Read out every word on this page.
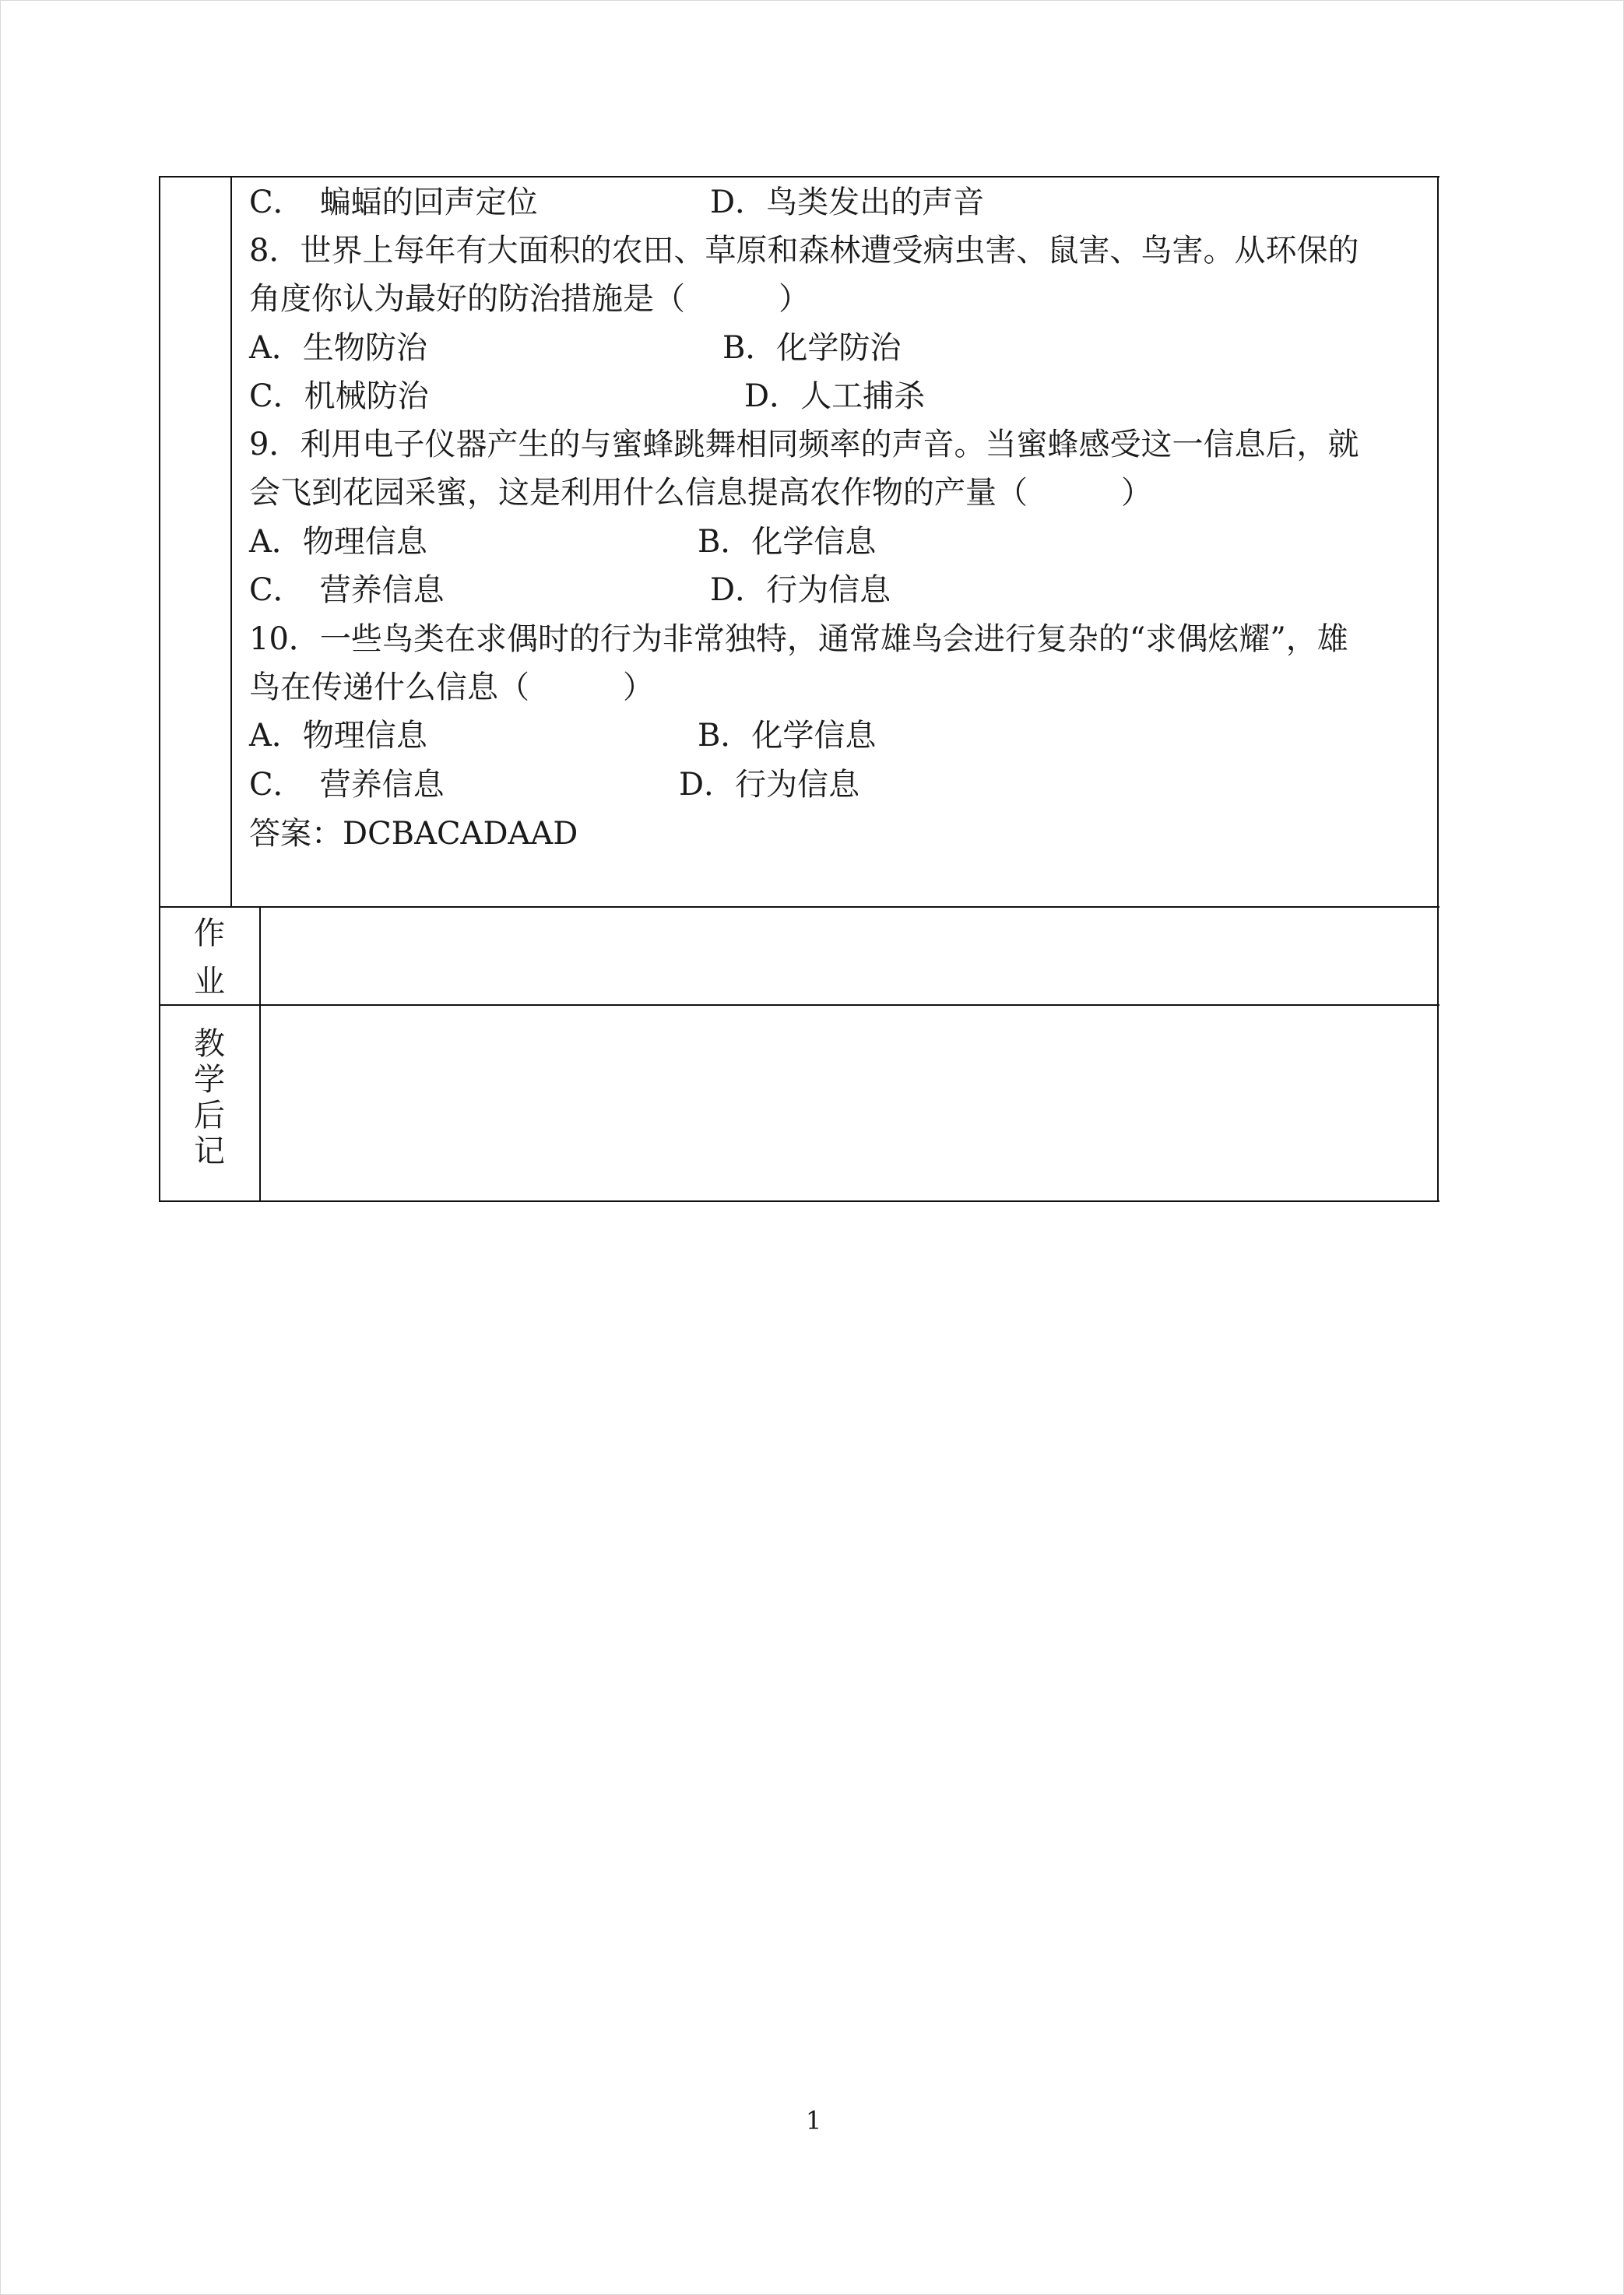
C．　蝙蝠的回声定位	D．鸟类发出的声音
8．世界上每年有大面积的农田、草原和森林遭受病虫害、鼠害、鸟害。从环保的
角度你认为最好的防治措施是（　　　）
A．生物防治	B．化学防治
C．机械防治	D．人工捕杀
9．利用电子仪器产生的与蜜蜂跳舞相同频率的声音。当蜜蜂感受这一信息后，就
会飞到花园采蜜，这是利用什么信息提高农作物的产量（　　　）
A．物理信息	B．化学信息
C．　营养信息	D．行为信息
10．一些鸟类在求偶时的行为非常独特，通常雄鸟会进行复杂的“求偶炫耀”，雄
鸟在传递什么信息（　　　）
A．物理信息	B．化学信息
C．　营养信息	D．行为信息
答案：DCBACADAAD
作
业
教
学
后
记
1
